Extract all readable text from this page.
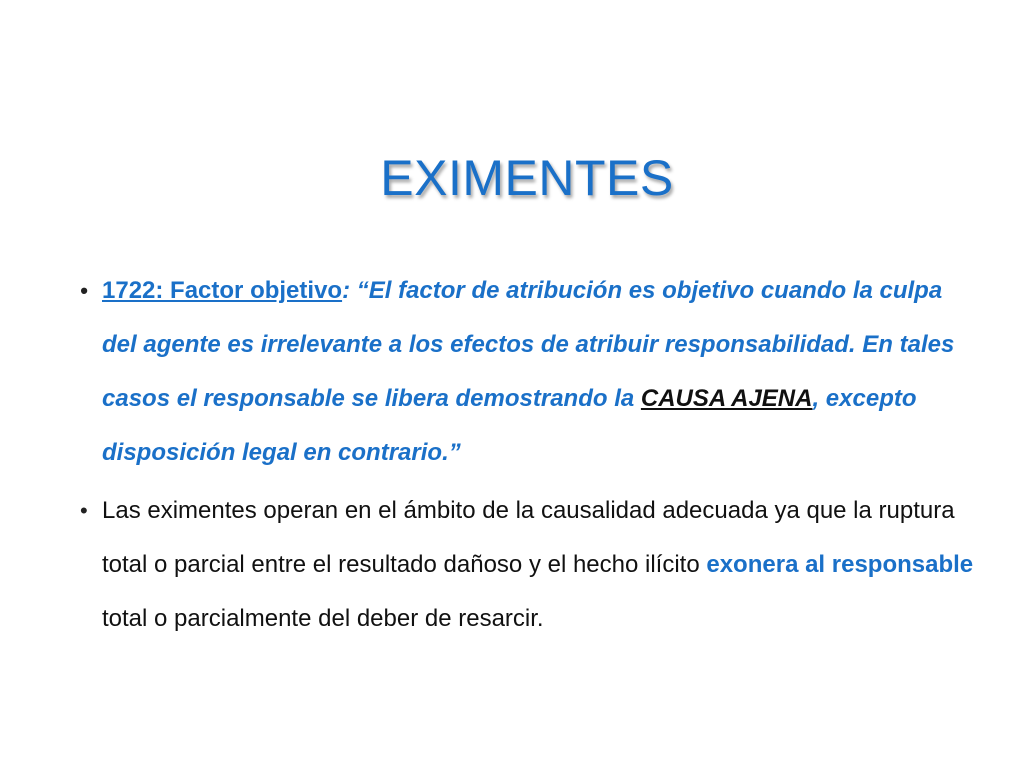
EXIMENTES
• 1722: Factor objetivo: “El factor de atribución es objetivo cuando la culpa del agente es irrelevante a los efectos de atribuir responsabilidad. En tales casos el responsable se libera demostrando la CAUSA AJENA, excepto disposición legal en contrario.”
• Las eximentes operan en el ámbito de la causalidad adecuada ya que la ruptura total o parcial entre el resultado dañoso y el hecho ilícito exonera al responsable total o parcialmente del deber de resarcir.
